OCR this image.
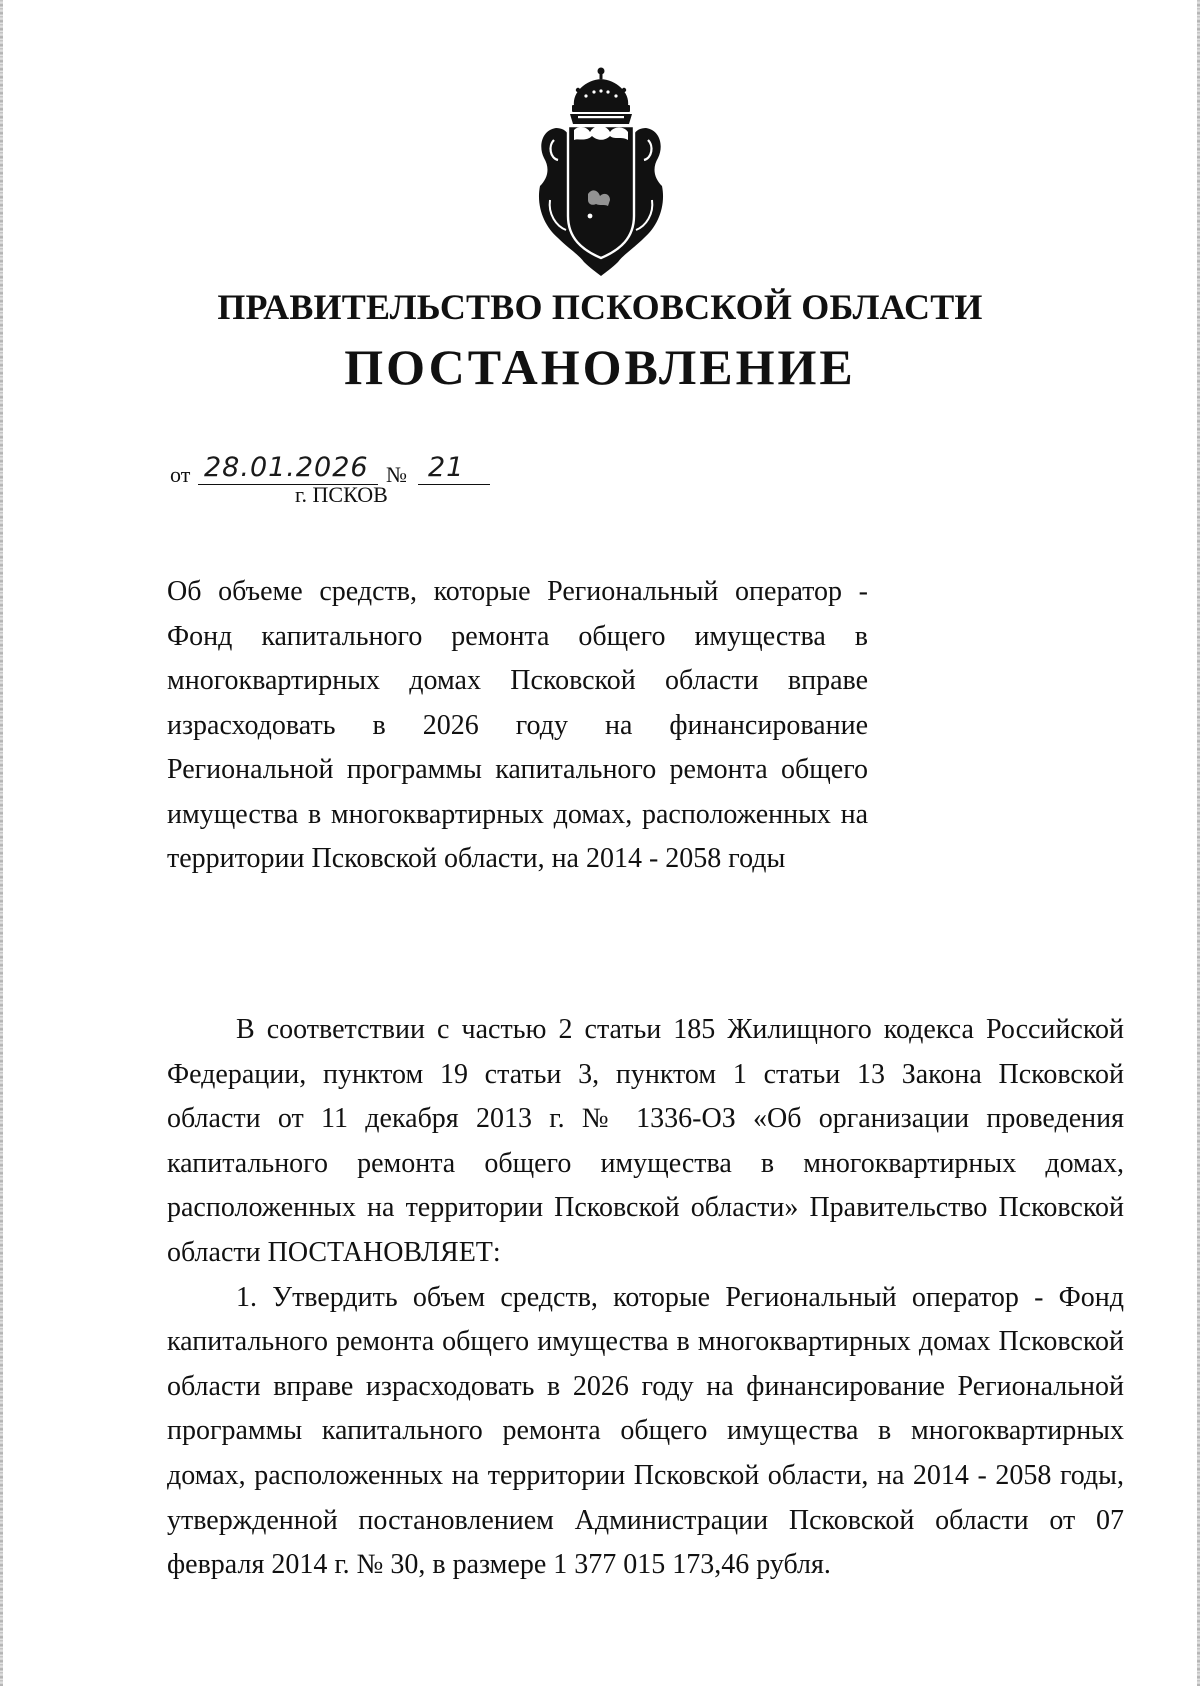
ПРАВИТЕЛЬСТВО ПСКОВСКОЙ ОБЛАСТИ
ПОСТАНОВЛЕНИЕ
от 28.01.2026 № 21
г. ПСКОВ

Об объеме средств, которые Региональный оператор - Фонд капитального ремонта общего имущества в многоквартирных домах Псковской области вправе израсходовать в 2026 году на финансирование Региональной программы капитального ремонта общего имущества в многоквартирных домах, расположенных на территории Псковской области, на 2014 - 2058 годы

В соответствии с частью 2 статьи 185 Жилищного кодекса Российской Федерации, пунктом 19 статьи 3, пунктом 1 статьи 13 Закона Псковской области от 11 декабря 2013 г. № 1336-ОЗ «Об организации проведения капитального ремонта общего имущества в многоквартирных домах, расположенных на территории Псковской области» Правительство Псковской области ПОСТАНОВЛЯЕТ:

1. Утвердить объем средств, которые Региональный оператор - Фонд капитального ремонта общего имущества в многоквартирных домах Псковской области вправе израсходовать в 2026 году на финансирование Региональной программы капитального ремонта общего имущества в многоквартирных домах, расположенных на территории Псковской области, на 2014 - 2058 годы, утвержденной постановлением Администрации Псковской области от 07 февраля 2014 г. № 30, в размере 1 377 015 173,46 рубля.
